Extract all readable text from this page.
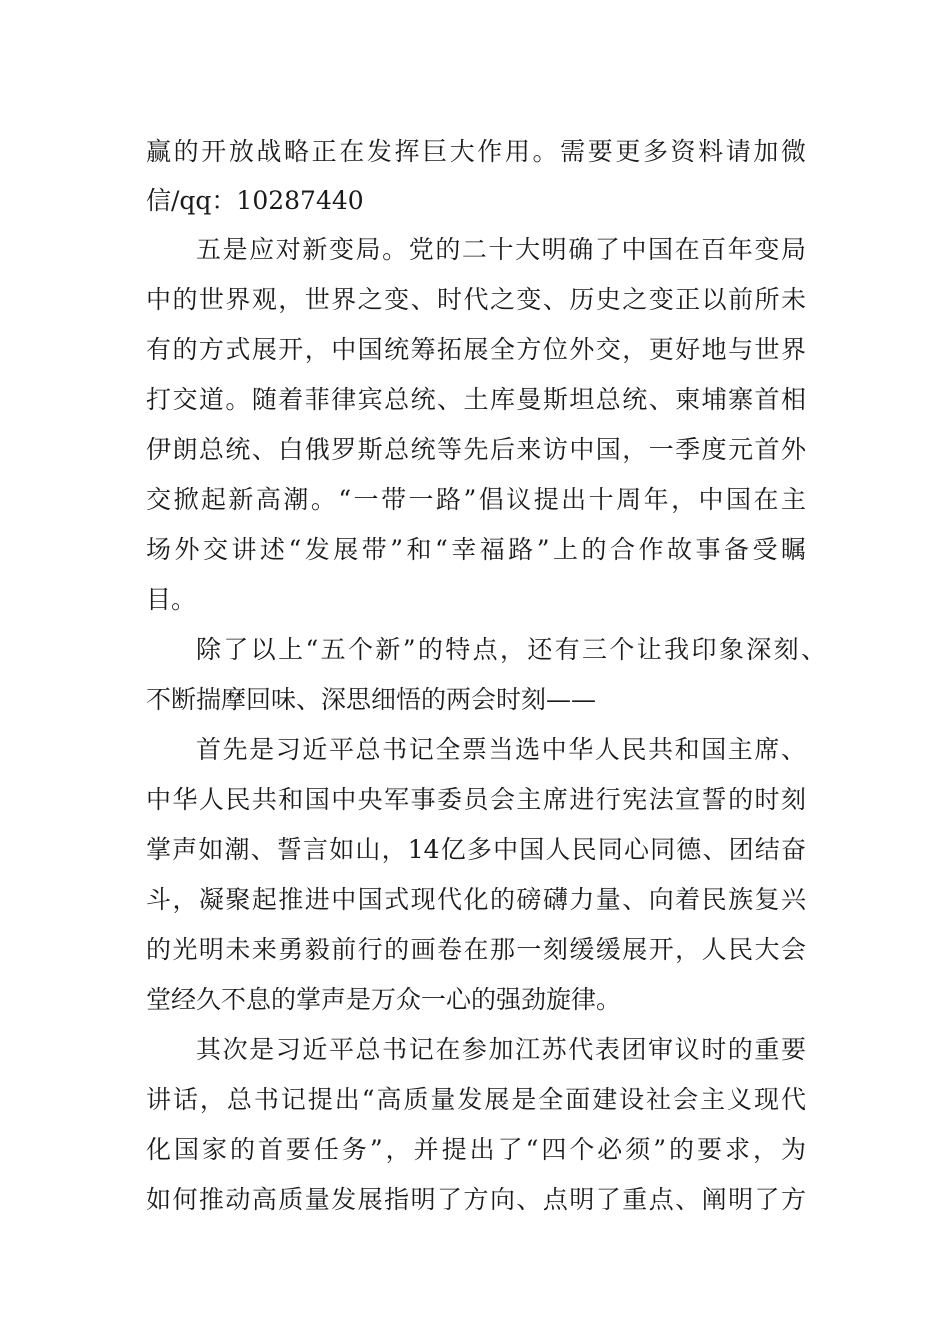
赢的开放战略正在发挥巨大作用。需要更多资料请加微
信/qq：10287440
五是应对新变局。党的二十大明确了中国在百年变局
中的世界观，世界之变、时代之变、历史之变正以前所未
有的方式展开，中国统筹拓展全方位外交，更好地与世界
打交道。随着菲律宾总统、土库曼斯坦总统、柬埔寨首相
伊朗总统、白俄罗斯总统等先后来访中国，一季度元首外
交掀起新高潮。“一带一路”倡议提出十周年，中国在主
场外交讲述“发展带”和“幸福路”上的合作故事备受瞩
目。
除了以上“五个新”的特点，还有三个让我印象深刻、
不断揣摩回味、深思细悟的两会时刻——
首先是习近平总书记全票当选中华人民共和国主席、
中华人民共和国中央军事委员会主席进行宪法宣誓的时刻
掌声如潮、誓言如山，14亿多中国人民同心同德、团结奋
斗，凝聚起推进中国式现代化的磅礴力量、向着民族复兴
的光明未来勇毅前行的画卷在那一刻缓缓展开，人民大会
堂经久不息的掌声是万众一心的强劲旋律。
其次是习近平总书记在参加江苏代表团审议时的重要
讲话，总书记提出“高质量发展是全面建设社会主义现代
化国家的首要任务”，并提出了“四个必须”的要求，为
如何推动高质量发展指明了方向、点明了重点、阐明了方
